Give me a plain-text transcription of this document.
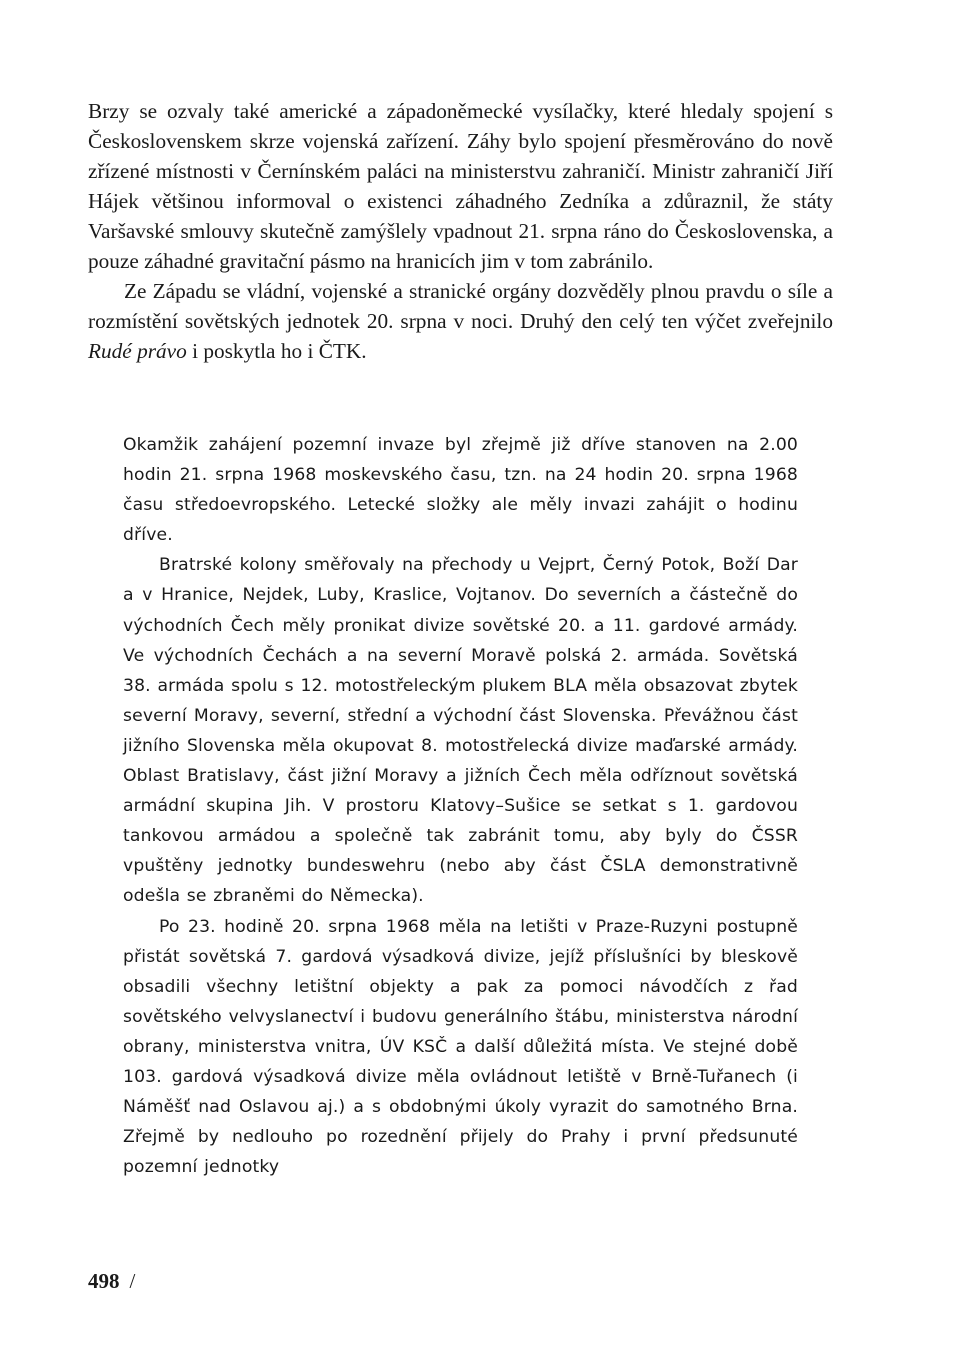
Brzy se ozvaly také americké a západoněmecké vysílačky, které hledaly spojení s Československem skrze vojenská zařízení. Záhy bylo spojení přesměrováno do nově zřízené místnosti v Černínském paláci na ministerstvu zahraničí. Ministr zahraničí Jiří Hájek většinou informoval o existenci záhadného Zedníka a zdůraznil, že státy Varšavské smlouvy skutečně zamýšlely vpadnout 21. srpna ráno do Československa, a pouze záhadné gravitační pásmo na hranicích jim v tom zabránilo.

Ze Západu se vládní, vojenské a stranické orgány dozvěděly plnou pravdu o síle a rozmístění sovětských jednotek 20. srpna v noci. Druhý den celý ten výčet zveřejnilo Rudé právo i poskytla ho i ČTK.

Okamžik zahájení pozemní invaze byl zřejmě již dříve stanoven na 2.00 hodin 21. srpna 1968 moskevského času, tzn. na 24 hodin 20. srpna 1968 času středoevropského. Letecké složky ale měly invazi zahájit o hodinu dříve.

Bratrské kolony směřovaly na přechody u Vejprt, Černý Potok, Boží Dar a v Hranice, Nejdek, Luby, Kraslice, Vojtanov. Do severních a částečně do východních Čech měly pronikat divize sovětské 20. a 11. gardové armády. Ve východních Čechách a na severní Moravě polská 2. armáda. Sovětská 38. armáda spolu s 12. motostřeleckým plukem BLA měla obsazovat zbytek severní Moravy, severní, střední a východní část Slovenska. Převážnou část jižního Slovenska měla okupovat 8. motostřelecká divize maďarské armády. Oblast Bratislavy, část jižní Moravy a jižních Čech měla odříznout sovětská armádní skupina Jih. V prostoru Klatovy–Sušice se setkat s 1. gardovou tankovou armádou a společně tak zabránit tomu, aby byly do ČSSR vpuštěny jednotky bundeswehru (nebo aby část ČSLA demonstrativně odešla se zbraněmi do Německa).

Po 23. hodině 20. srpna 1968 měla na letišti v Praze-Ruzyni postupně přistát sovětská 7. gardová výsadková divize, jejíž příslušníci by bleskově obsadili všechny letištní objekty a pak za pomoci návodčích z řad sovětského velvyslanectví i budovu generálního štábu, ministerstva národní obrany, ministerstva vnitra, ÚV KSČ a další důležitá místa. Ve stejné době 103. gardová výsadková divize měla ovládnout letiště v Brně-Tuřanech (i Náměšť nad Oslavou aj.) a s obdobnými úkoly vyrazit do samotného Brna. Zřejmě by nedlouho po rozednění přijely do Prahy i první předsunuté pozemní jednotky

498 /
